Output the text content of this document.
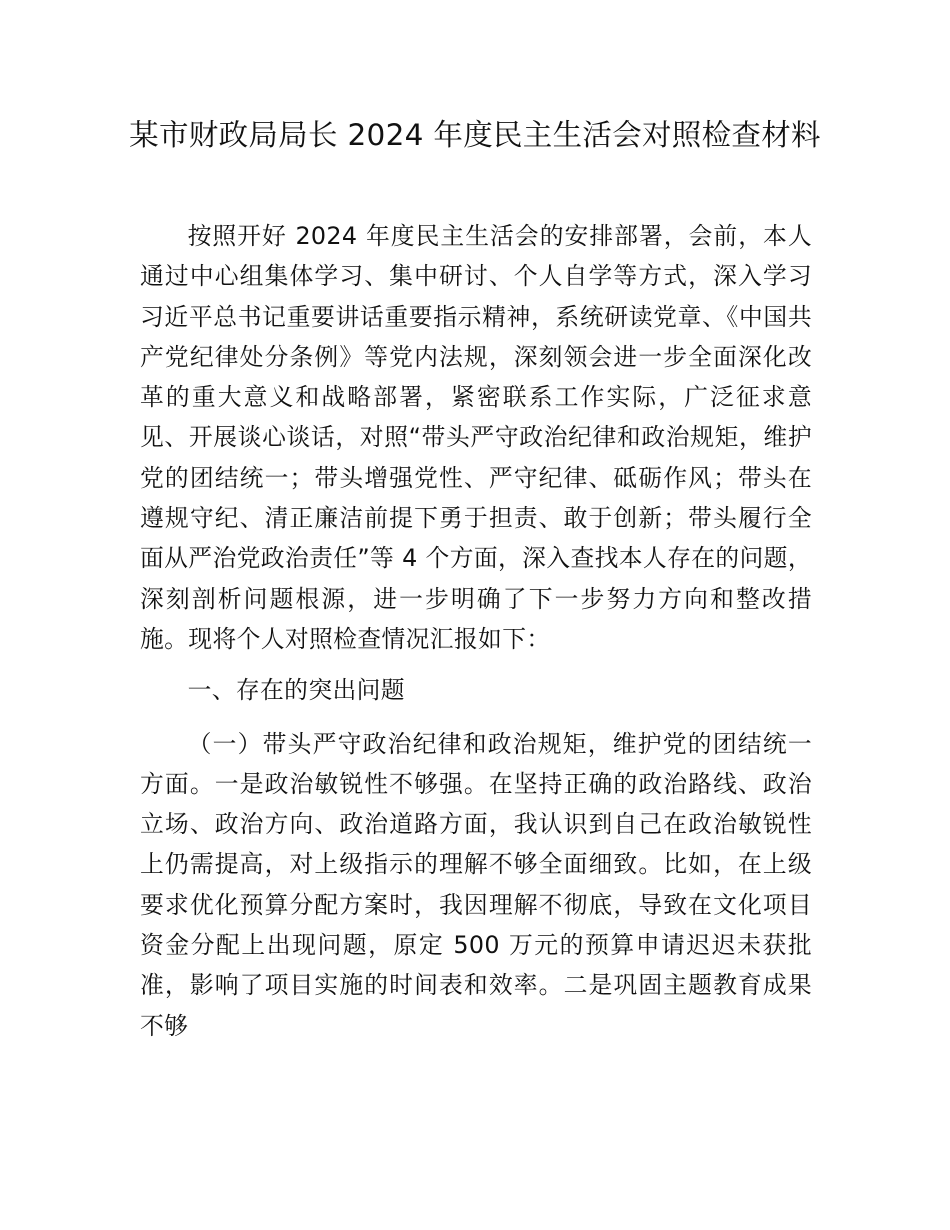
某市财政局局长 2024 年度民主生活会对照检查材料

按照开好 2024 年度民主生活会的安排部署，会前，本人通过中心组集体学习、集中研讨、个人自学等方式，深入学习习近平总书记重要讲话重要指示精神，系统研读党章、《中国共产党纪律处分条例》等党内法规，深刻领会进一步全面深化改革的重大意义和战略部署，紧密联系工作实际，广泛征求意见、开展谈心谈话，对照“带头严守政治纪律和政治规矩，维护党的团结统一；带头增强党性、严守纪律、砥砺作风；带头在遵规守纪、清正廉洁前提下勇于担责、敢于创新；带头履行全面从严治党政治责任”等 4 个方面，深入查找本人存在的问题，深刻剖析问题根源，进一步明确了下一步努力方向和整改措施。现将个人对照检查情况汇报如下：

一、存在的突出问题

（一）带头严守政治纪律和政治规矩，维护党的团结统一方面。一是政治敏锐性不够强。在坚持正确的政治路线、政治立场、政治方向、政治道路方面，我认识到自己在政治敏锐性上仍需提高，对上级指示的理解不够全面细致。比如，在上级要求优化预算分配方案时，我因理解不彻底，导致在文化项目资金分配上出现问题，原定 500 万元的预算申请迟迟未获批准，影响了项目实施的时间表和效率。二是巩固主题教育成果不够
